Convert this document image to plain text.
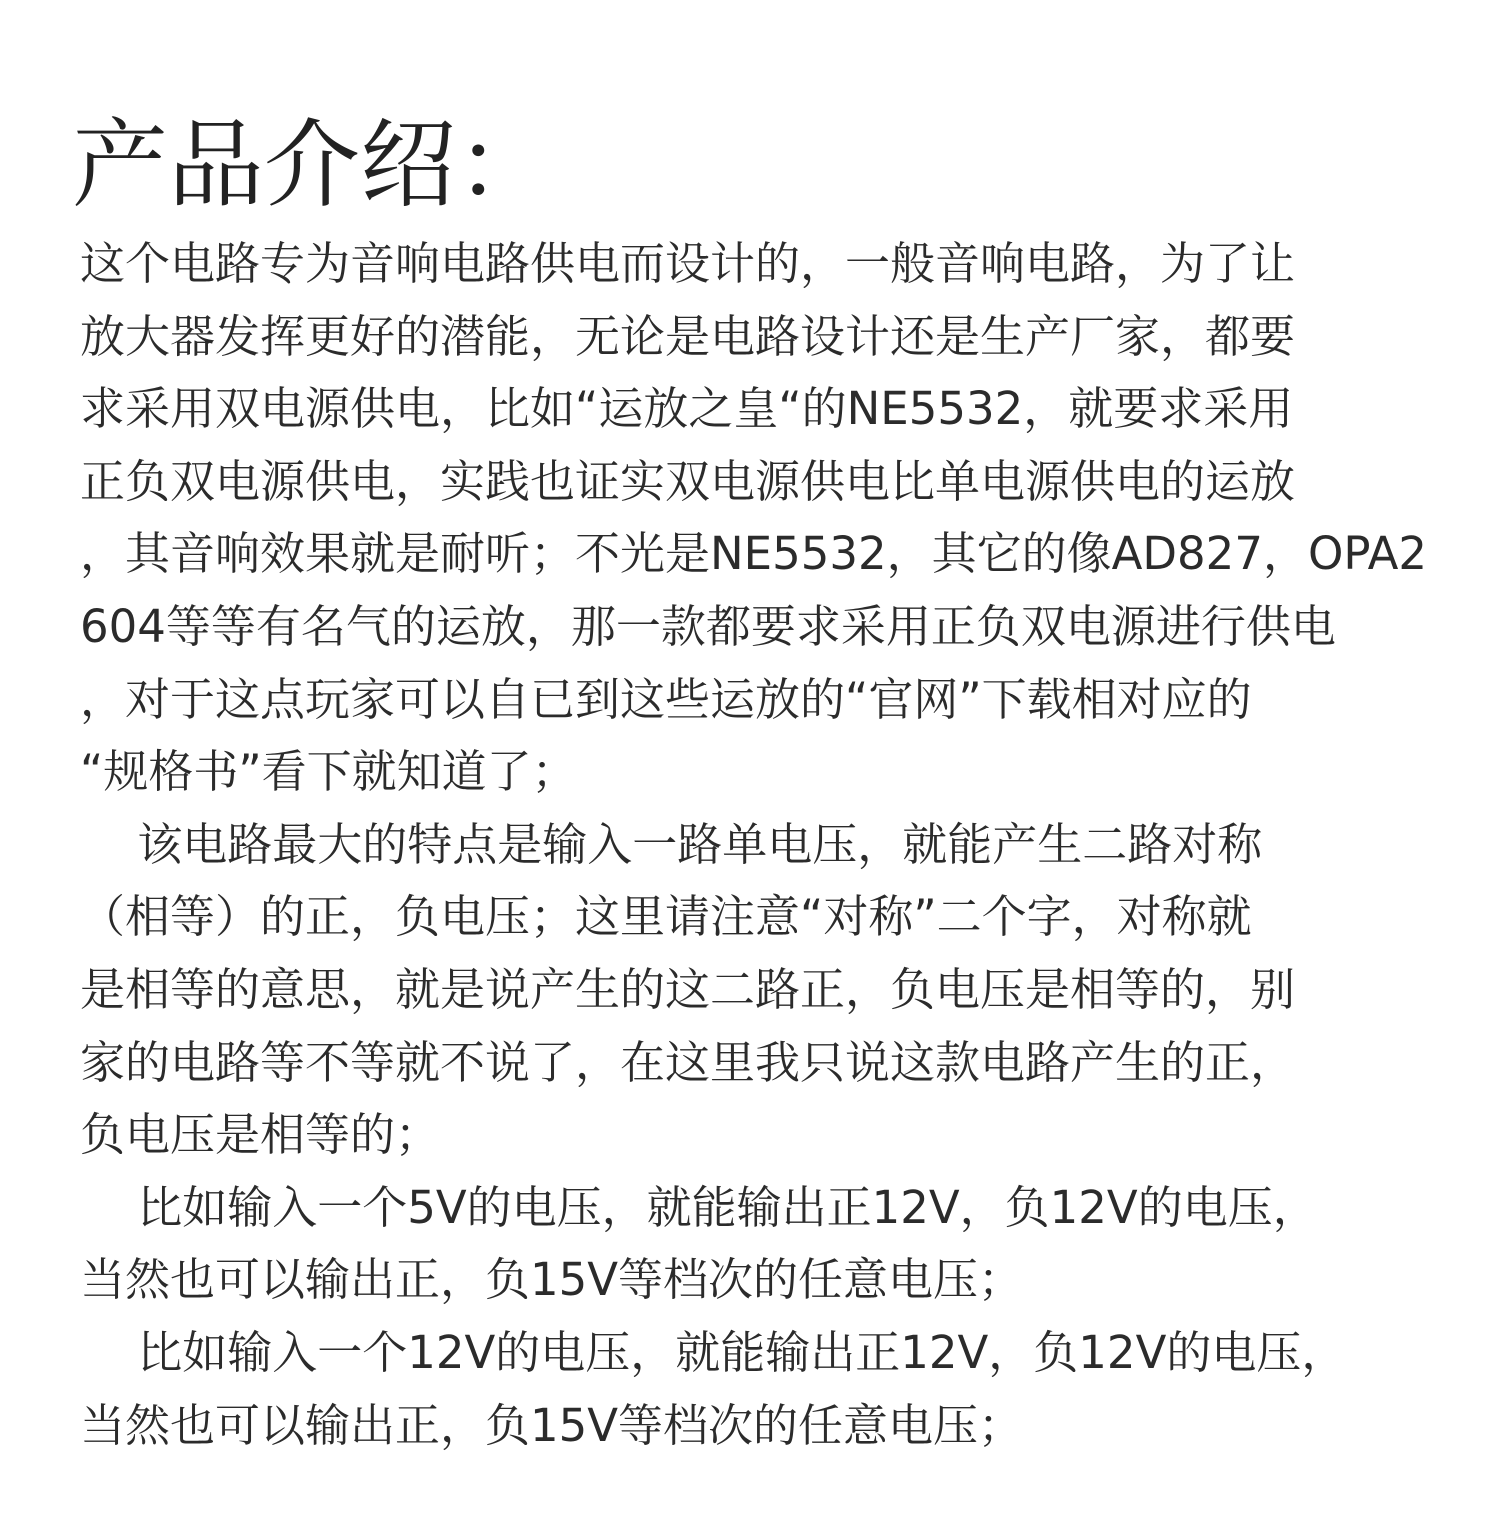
产品介绍：
这个电路专为音响电路供电而设计的，一般音响电路，为了让
放大器发挥更好的潜能，无论是电路设计还是生产厂家，都要
求采用双电源供电，比如“运放之皇“的NE5532，就要求采用
正负双电源供电，实践也证实双电源供电比单电源供电的运放
，其音响效果就是耐听；不光是NE5532，其它的像AD827，OPA2
604等等有名气的运放，那一款都要求采用正负双电源进行供电
，对于这点玩家可以自已到这些运放的“官网”下载相对应的
“规格书”看下就知道了；
该电路最大的特点是输入一路单电压，就能产生二路对称
（相等）的正，负电压；这里请注意“对称”二个字，对称就
是相等的意思，就是说产生的这二路正，负电压是相等的，别
家的电路等不等就不说了，在这里我只说这款电路产生的正，
负电压是相等的；
比如输入一个5V的电压，就能输出正12V，负12V的电压，
当然也可以输出正，负15V等档次的任意电压；
比如输入一个12V的电压，就能输出正12V，负12V的电压，
当然也可以输出正，负15V等档次的任意电压；
